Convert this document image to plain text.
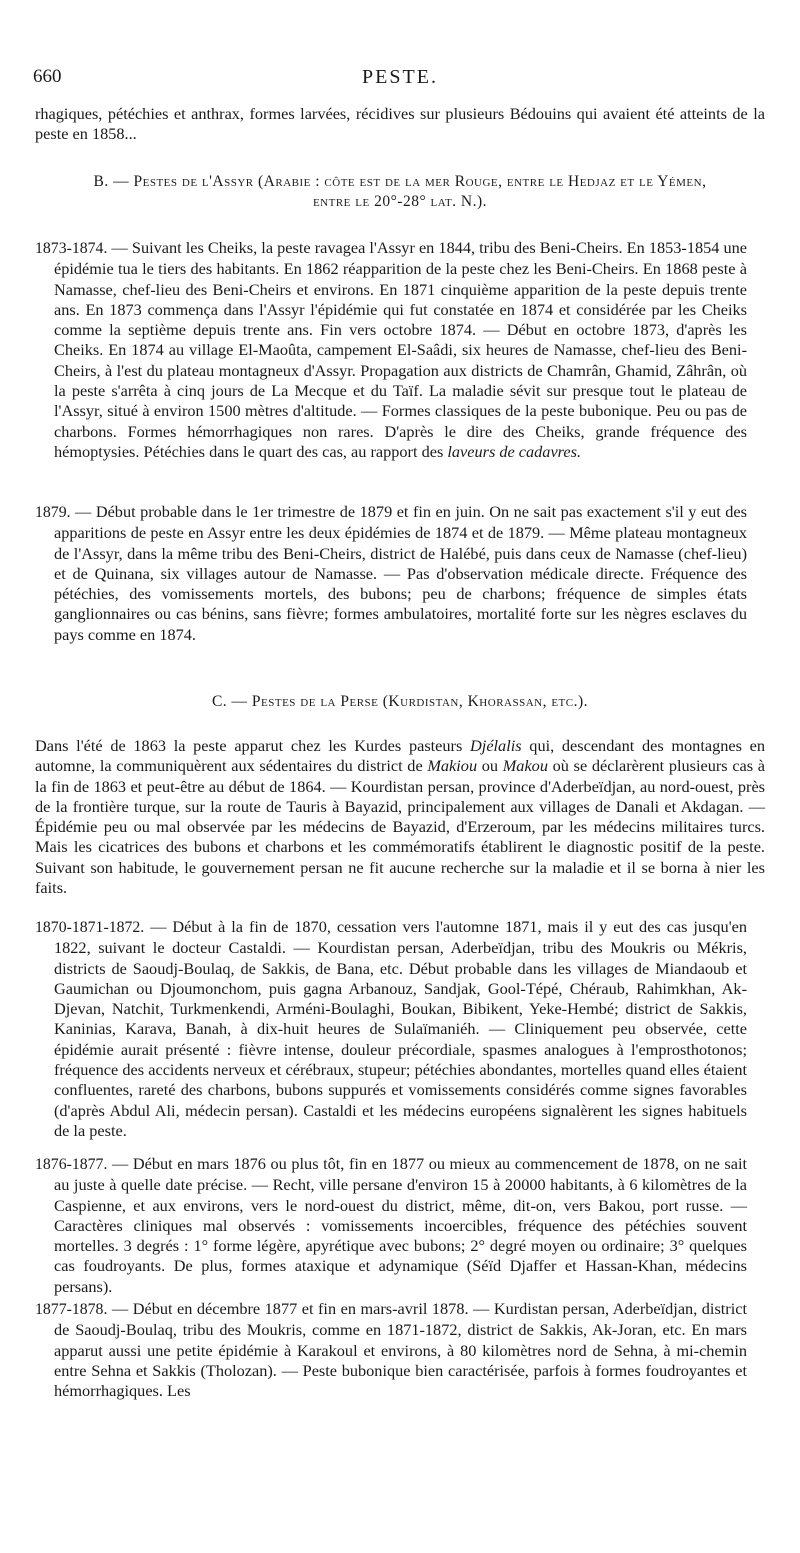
660	PESTE.

rhagiques, pétéchies et anthrax, formes larvées, récidives sur plusieurs Bédouins qui avaient été atteints de la peste en 1858...

B. — Pestes de l'Assyr (Arabie : côte est de la mer Rouge, entre le Hedjaz et le Yémen,
entre le 20°-28° lat. N.).

1873-1874. — Suivant les Cheiks, la peste ravagea l'Assyr en 1844, tribu des Beni-Cheirs. En 1853-1854 une épidémie tua le tiers des habitants. En 1862 réapparition de la peste chez les Beni-Cheirs. En 1868 peste à Namasse, chef-lieu des Beni-Cheirs et environs. En 1871 cinquième apparition de la peste depuis trente ans. En 1873 commença dans l'Assyr l'épidémie qui fut constatée en 1874 et considérée par les Cheiks comme la septième depuis trente ans. Fin vers octobre 1874. — Début en octobre 1873, d'après les Cheiks. En 1874 au village El-Maoûta, campement El-Saâdi, six heures de Namasse, chef-lieu des Beni-Cheirs, à l'est du plateau montagneux d'Assyr. Propagation aux districts de Chamrân, Ghamid, Zâhrân, où la peste s'arrêta à cinq jours de La Mecque et du Taïf. La maladie sévit sur presque tout le plateau de l'Assyr, situé à environ 1500 mètres d'altitude. — Formes classiques de la peste bubonique. Peu ou pas de charbons. Formes hémorrhagiques non rares. D'après le dire des Cheiks, grande fréquence des hémoptysies. Pétéchies dans le quart des cas, au rapport des laveurs de cadavres.

1879. — Début probable dans le 1er trimestre de 1879 et fin en juin. On ne sait pas exactement s'il y eut des apparitions de peste en Assyr entre les deux épidémies de 1874 et de 1879. — Même plateau montagneux de l'Assyr, dans la même tribu des Beni-Cheirs, district de Halébé, puis dans ceux de Namasse (chef-lieu) et de Quinana, six villages autour de Namasse. — Pas d'observation médicale directe. Fréquence des pétéchies, des vomissements mortels, des bubons; peu de charbons; fréquence de simples états ganglionnaires ou cas bénins, sans fièvre; formes ambulatoires, mortalité forte sur les nègres esclaves du pays comme en 1874.

C. — Pestes de la Perse (Kurdistan, Khorassan, etc.).

Dans l'été de 1863 la peste apparut chez les Kurdes pasteurs Djélalis qui, descendant des montagnes en automne, la communiquèrent aux sédentaires du district de Makiou ou Makou où se déclarèrent plusieurs cas à la fin de 1863 et peut-être au début de 1864. — Kourdistan persan, province d'Aderbeïdjan, au nord-ouest, près de la frontière turque, sur la route de Tauris à Bayazid, principalement aux villages de Danali et Akdagan. — Épidémie peu ou mal observée par les médecins de Bayazid, d'Erzeroum, par les médecins militaires turcs. Mais les cicatrices des bubons et charbons et les commémoratifs établirent le diagnostic positif de la peste. Suivant son habitude, le gouvernement persan ne fit aucune recherche sur la maladie et il se borna à nier les faits.

1870-1871-1872. — Début à la fin de 1870, cessation vers l'automne 1871, mais il y eut des cas jusqu'en 1822, suivant le docteur Castaldi. — Kourdistan persan, Aderbeïdjan, tribu des Moukris ou Mékris, districts de Saoudj-Boulaq, de Sakkis, de Bana, etc. Début probable dans les villages de Miandaoub et Gaumichan ou Djoumonchom, puis gagna Arbanouz, Sandjak, Gool-Tépé, Chéraub, Rahimkhan, Ak-Djevan, Natchit, Turkmenkendi, Arméni-Boulaghi, Boukan, Bibikent, Yeke-Hembé; district de Sakkis, Kaninias, Karava, Banah, à dix-huit heures de Sulaïmaniéh. — Cliniquement peu observée, cette épidémie aurait présenté : fièvre intense, douleur précordiale, spasmes analogues à l'emprosthotonos; fréquence des accidents nerveux et cérébraux, stupeur; pétéchies abondantes, mortelles quand elles étaient confluentes, rareté des charbons, bubons suppurés et vomissements considérés comme signes favorables (d'après Abdul Ali, médecin persan). Castaldi et les médecins européens signalèrent les signes habituels de la peste.

1876-1877. — Début en mars 1876 ou plus tôt, fin en 1877 ou mieux au commencement de 1878, on ne sait au juste à quelle date précise. — Recht, ville persane d'environ 15 à 20000 habitants, à 6 kilomètres de la Caspienne, et aux environs, vers le nord-ouest du district, même, dit-on, vers Bakou, port russe. — Caractères cliniques mal observés : vomissements incoercibles, fréquence des pétéchies souvent mortelles. 3 degrés : 1° forme légère, apyrétique avec bubons; 2° degré moyen ou ordinaire; 3° quelques cas foudroyants. De plus, formes ataxique et adynamique (Séïd Djaffer et Hassan-Khan, médecins persans).

1877-1878. — Début en décembre 1877 et fin en mars-avril 1878. — Kurdistan persan, Aderbeïdjan, district de Saoudj-Boulaq, tribu des Moukris, comme en 1871-1872, district de Sakkis, Ak-Joran, etc. En mars apparut aussi une petite épidémie à Karakoul et environs, à 80 kilomètres nord de Sehna, à mi-chemin entre Sehna et Sakkis (Tholozan). — Peste bubonique bien caractérisée, parfois à formes foudroyantes et hémorrhagiques. Les
